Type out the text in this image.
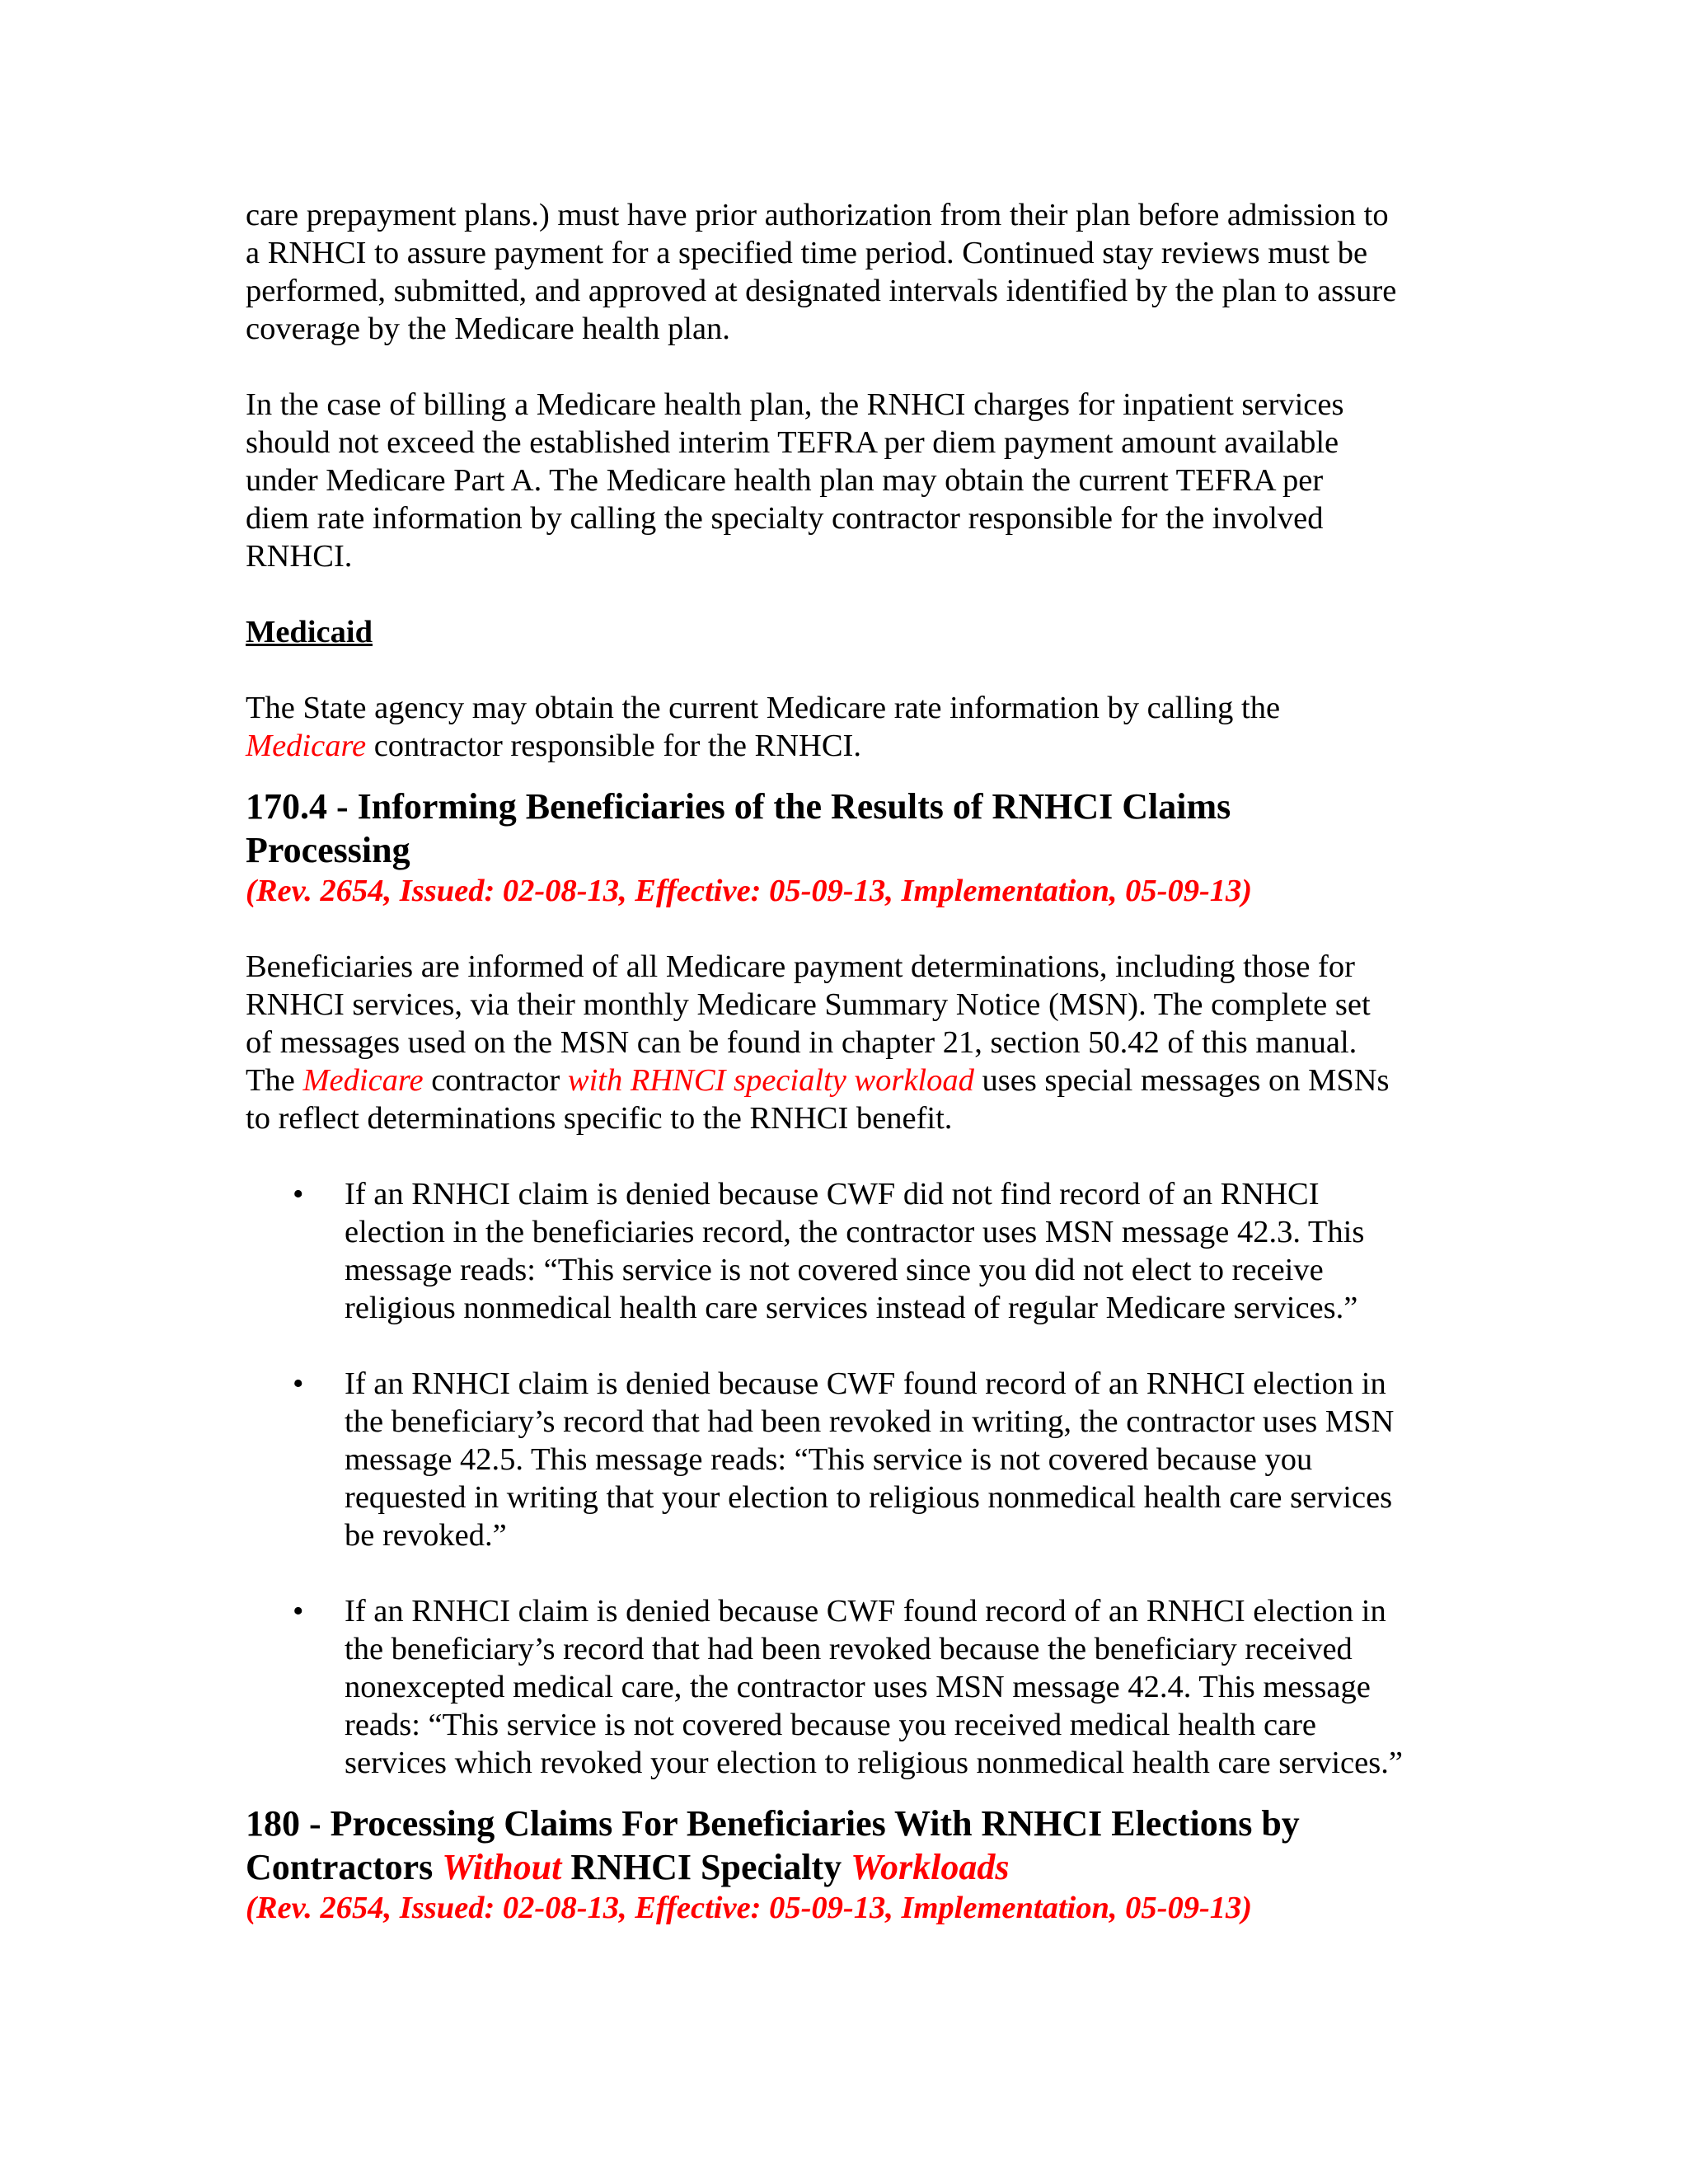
care prepayment plans.) must have prior authorization from their plan before admission to
a RNHCI to assure payment for a specified time period. Continued stay reviews must be
performed, submitted, and approved at designated intervals identified by the plan to assure
coverage by the Medicare health plan.

In the case of billing a Medicare health plan, the RNHCI charges for inpatient services
should not exceed the established interim TEFRA per diem payment amount available
under Medicare Part A. The Medicare health plan may obtain the current TEFRA per
diem rate information by calling the specialty contractor responsible for the involved
RNHCI.

Medicaid

The State agency may obtain the current Medicare rate information by calling the
Medicare contractor responsible for the RNHCI.

170.4 - Informing Beneficiaries of the Results of RNHCI Claims

Processing

(Rev. 2654, Issued: 02-08-13, Effective: 05-09-13, Implementation, 05-09-13)

Beneficiaries are informed of all Medicare payment determinations, including those for
RNHCI services, via their monthly Medicare Summary Notice (MSN). The complete set
of messages used on the MSN can be found in chapter 21, section 50.42 of this manual.
The Medicare contractor with RHNCI specialty workload uses special messages on MSNs
to reflect determinations specific to the RNHCI benefit.

• If an RNHCI claim is denied because CWF did not find record of an RNHCI
election in the beneficiaries record, the contractor uses MSN message 42.3. This
message reads: “This service is not covered since you did not elect to receive
religious nonmedical health care services instead of regular Medicare services.”
• If an RNHCI claim is denied because CWF found record of an RNHCI election in
the beneficiary’s record that had been revoked in writing, the contractor uses MSN
message 42.5. This message reads: “This service is not covered because you
requested in writing that your election to religious nonmedical health care services
be revoked.”
• If an RNHCI claim is denied because CWF found record of an RNHCI election in
the beneficiary’s record that had been revoked because the beneficiary received
nonexcepted medical care, the contractor uses MSN message 42.4. This message
reads: “This service is not covered because you received medical health care
services which revoked your election to religious nonmedical health care services.”

180 - Processing Claims For Beneficiaries With RNHCI Elections by

Contractors Without RNHCI Specialty Workloads

(Rev. 2654, Issued: 02-08-13, Effective: 05-09-13, Implementation, 05-09-13)
